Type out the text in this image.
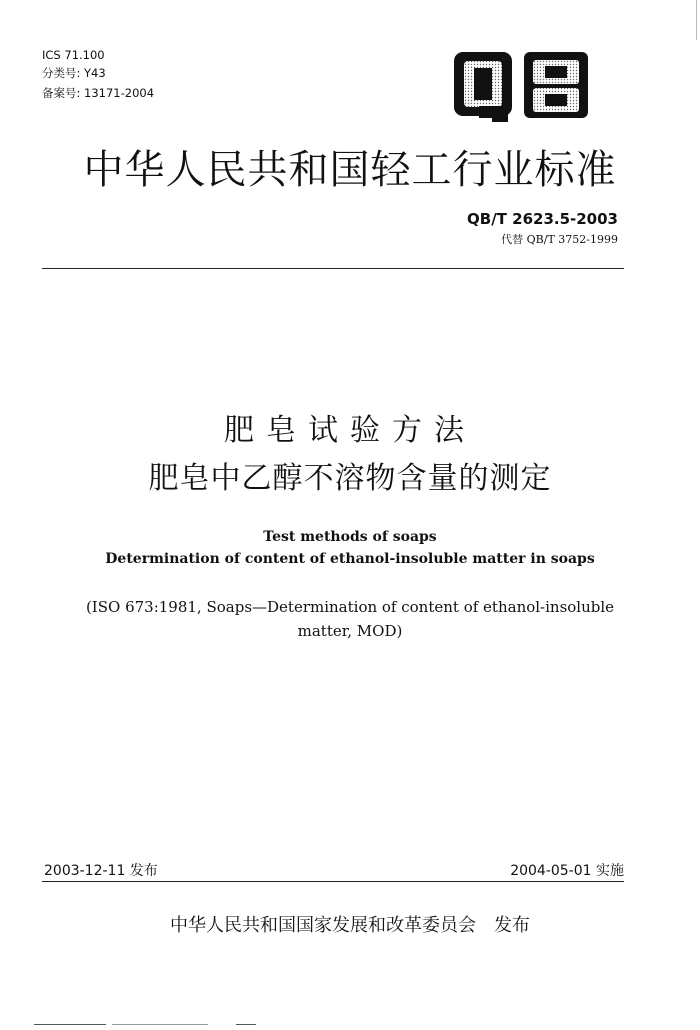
ICS 71.100
分类号: Y43
备案号: 13171-2004
中华人民共和国轻工行业标准
QB/T 2623.5-2003
代替 QB/T 3752-1999
肥皂试验方法
肥皂中乙醇不溶物含量的测定
Test methods of soaps
Determination of content of ethanol-insoluble matter in soaps
(ISO 673:1981, Soaps—Determination of content of ethanol-insoluble
matter, MOD)
2003-12-11 发布	2004-05-01 实施
中华人民共和国国家发展和改革委员会 发布
